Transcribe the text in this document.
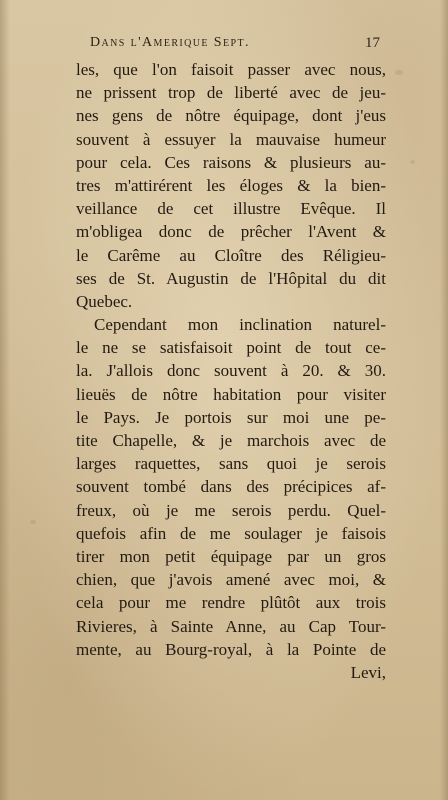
Dans l'Amerique Sept.	17
les, que l'on faisoit passer avec nous,
ne prissent trop de liberté avec de jeu-
nes gens de nôtre équipage, dont j'eus
souvent à essuyer la mauvaise humeur
pour cela. Ces raisons & plusieurs au-
tres m'attirérent les éloges & la bien-
veillance de cet illustre Evêque. Il
m'obligea donc de prêcher l'Avent &
le Carême au Cloître des Réligieu-
ses de St. Augustin de l'Hôpital du dit
Quebec.
Cependant mon inclination naturel-
le ne se satisfaisoit point de tout ce-
la. J'allois donc souvent à 20. & 30.
lieuës de nôtre habitation pour visiter
le Pays. Je portois sur moi une pe-
tite Chapelle, & je marchois avec de
larges raquettes, sans quoi je serois
souvent tombé dans des précipices af-
freux, où je me serois perdu. Quel-
quefois afin de me soulager je faisois
tirer mon petit équipage par un gros
chien, que j'avois amené avec moi, &
cela pour me rendre plûtôt aux trois
Rivieres, à Sainte Anne, au Cap Tour-
mente, au Bourg-royal, à la Pointe de
Levi,
